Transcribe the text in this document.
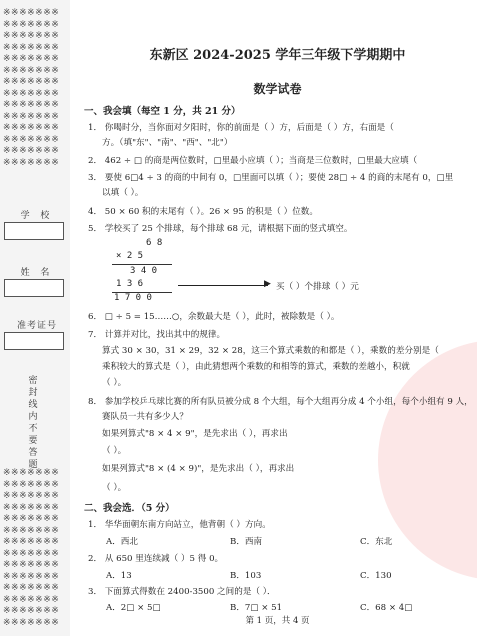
※※※※※※※※※※※※※※※※※※※※※※※※※※※※※※※※※※※※※※※※※※※※※※※※※※※※※※※※※※※※※※※※※※※※※※※※※※※※※※※※※※※※※※※※※※※※※※※※※※
学 校
姓 名
准考证号
密封线内不要答题
※※※※※※※※※※※※※※※※※※※※※※※※※※※※※※※※※※※※※※※※※※※※※※※※※※※※※※※※※※※※※※※※※※※※※※※※※※※※※※※※※※※※※※※※※※※※※※※※※※
东新区 2024-2025 学年三年级下学期期中
数学试卷
一、我会填（每空 1 分，共 21 分）
1． 你喝时分，当你面对夕阳时，你的前面是（ ）方，后面是（ ）方，右面是（
方。（填"东"、"南"、"西"、"北"）
2． 462 ÷ □ 的商是两位数时，□里最小应填（ ）；当商是三位数时，□里最大应填（
3． 要使 6□4 ÷ 3 的商的中间有 0，□里面可以填（ ）；要使 28□ ÷ 4 的商的末尾有 0，□里
以填（ ）。
4． 50 × 60 积的末尾有（ ）。26 × 95 的积是（ ）位数。
5． 学校买了 25 个排球，每个排球 68 元，请根据下面的竖式填空。
6 8
× 2 5
3 4 0
1 3 6
1 7 0 0
▶ 买（ ）个排球（ ）元
6． □ ÷ 5 = 15……○，余数最大是（ ），此时，被除数是（ ）。
7． 计算并对比，找出其中的规律。
算式 30 × 30，31 × 29，32 × 28，这三个算式乘数的和都是（ ），乘数的差分别是（
乘积较大的算式是（ ），由此猜想两个乘数的和相等的算式，乘数的差越小，积就
（ ）。
8． 参加学校乒乓球比赛的所有队员被分成 8 个大组，每个大组再分成 4 个小组，每个小组有 9 人，
赛队员一共有多少人？
如果列算式"8 × 4 × 9"，是先求出（ ），再求出
（ ）。
如果列算式"8 × (4 × 9)"，是先求出（ ），再求出
（ ）。
二、我会选．（5 分）
1． 华华面朝东南方向站立，他背朝（ ）方向。
A．西北	B．西南	C．东北
2． 从 650 里连续减（ ）5 得 0。
A．13	B．103	C．130
3． 下面算式得数在 2400-3500 之间的是（ ）．
A．2□ × 5□	B．7□ × 51	C．68 × 4□
第 1 页，共 4 页
